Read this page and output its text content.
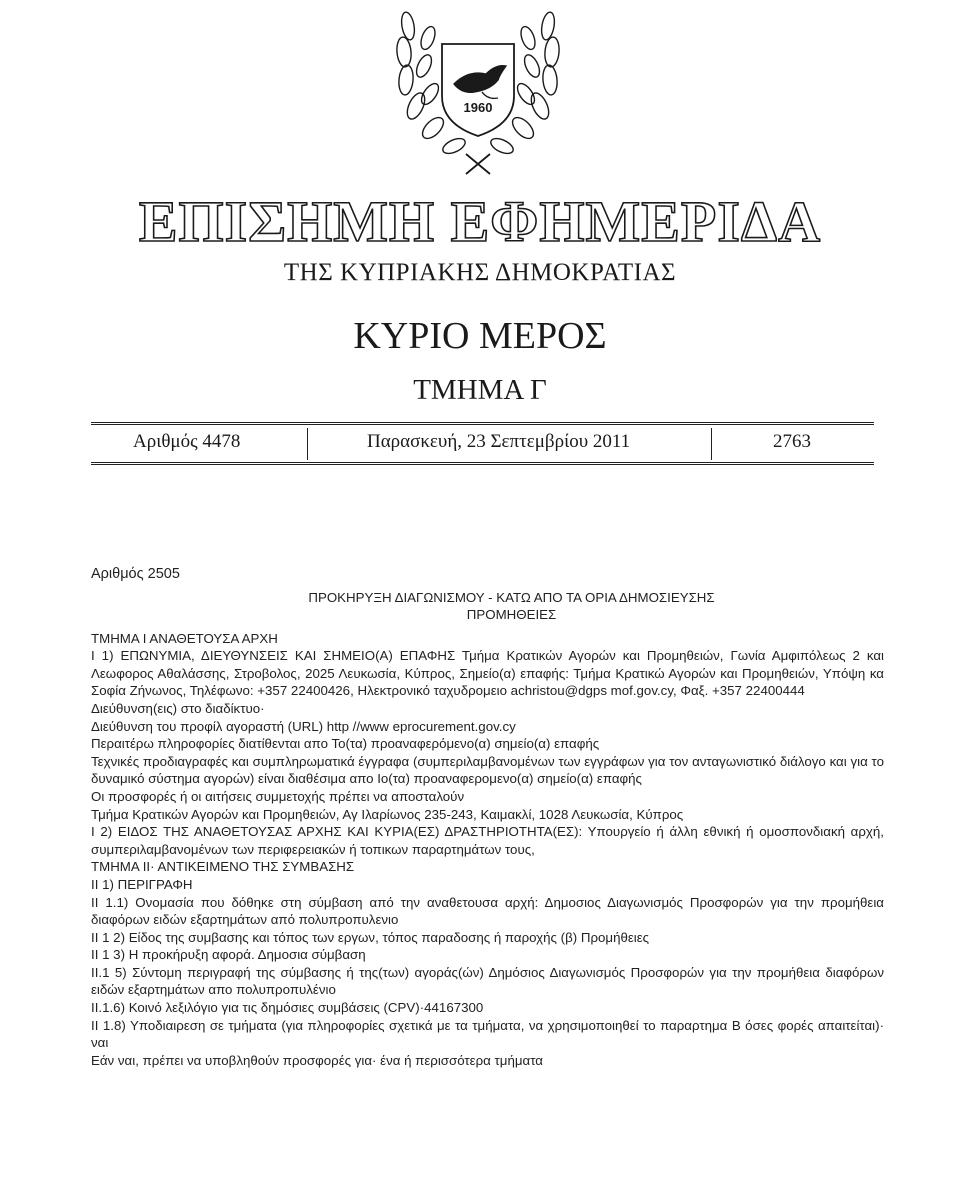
1960
ΕΠΙΣΗΜΗ ΕΦΗΜΕΡΙΔΑ
ΤΗΣ ΚΥΠΡΙΑΚΗΣ ΔΗΜΟΚΡΑΤΙΑΣ
ΚΥΡΙΟ ΜΕΡΟΣ
ΤΜΗΜΑ Γ
Αριθμός 4478	Παρασκευή, 23 Σεπτεμβρίου 2011	2763
Αριθμός 2505
ΠΡΟΚΗΡΥΞΗ ΔΙΑΓΩΝΙΣΜΟΥ - ΚΑΤΩ ΑΠΟ ΤΑ ΟΡΙΑ ΔΗΜΟΣΙΕΥΣΗΣ
ΠΡΟΜΗΘΕΙΕΣ

ΤΜΗΜΑ Ι ΑΝΑΘΕΤΟΥΣΑ ΑΡΧΗ

Ι 1) ΕΠΩΝΥΜΙΑ, ΔΙΕΥΘΥΝΣΕΙΣ ΚΑΙ ΣΗΜΕΙΟ(Α) ΕΠΑΦΗΣ Τμήμα Κρατικών Αγορών και Προμηθειών, Γωνία Αμφιπόλεως 2 και Λεωφορος Αθαλάσσης, Στροβολος, 2025 Λευκωσία, Κύπρος, Σημείο(α) επαφής: Τμήμα Κρατικώ Αγορών και Προμηθειών, Υπόψη κα Σοφία Ζήνωνος, Τηλέφωνο: +357 22400426, Ηλεκτρονικό ταχυδρομειο achristou@dgps mof.gov.cy, Φαξ. +357 22400444

Διεύθυνση(εις) στο διαδίκτυο·

Διεύθυνση του προφίλ αγοραστή (URL) http //www eprocurement.gov.cy

Περαιτέρω πληροφορίες διατίθενται απο Το(τα) προαναφερόμενο(α) σημείο(α) επαφής

Τεχνικές προδιαγραφές και συμπληρωματικά έγγραφα (συμπεριλαμβανομένων των εγγράφων για τον ανταγωνιστικό διάλογο και για το δυναμικό σύστημα αγορών) είναι διαθέσιμα απο Ιο(τα) προαναφερομενο(α) σημείο(α) επαφής

Οι προσφορές ή οι αιτήσεις συμμετοχής πρέπει να αποσταλούν

Τμήμα Κρατικών Αγορών και Προμηθειών, Αγ Ιλαρίωνος 235-243, Καιμακλί, 1028 Λευκωσία, Κύπρος

Ι 2) ΕΙΔΟΣ ΤΗΣ ΑΝΑΘΕΤΟΥΣΑΣ ΑΡΧΗΣ ΚΑΙ ΚΥΡΙΑ(ΕΣ) ΔΡΑΣΤΗΡΙΟΤΗΤΑ(ΕΣ): Υπουργείο ή άλλη εθνική ή ομοσπονδιακή αρχή, συμπεριλαμβανομένων των περιφερειακών ή τοπικων παραρτημάτων τους,

ΤΜΗΜΑ ΙΙ· ΑΝΤΙΚΕΙΜΕΝΟ ΤΗΣ ΣΥΜΒΑΣΗΣ

ΙΙ 1) ΠΕΡΙΓΡΑΦΗ

ΙΙ 1.1) Ονομασία που δόθηκε στη σύμβαση από την αναθετουσα αρχή: Δημοσιος Διαγωνισμός Προσφορών για την προμήθεια διαφόρων ειδών εξαρτημάτων από πολυπροπυλενιο

ΙΙ 1 2) Είδος της συμβασης και τόπος των εργων, τόπος παραδοσης ή παροχής (β) Προμήθειες

ΙΙ 1 3) Η προκήρυξη αφορά. Δημοσια σύμβαση

ΙΙ.1 5) Σύντομη περιγραφή της σύμβασης ή της(των) αγοράς(ών) Δημόσιος Διαγωνισμός Προσφορών για την προμήθεια διαφόρων ειδών εξαρτημάτων απο πολυπροπυλένιο

ΙΙ.1.6) Κοινό λεξιλόγιο για τις δημόσιες συμβάσεις (CPV)·44167300

ΙΙ 1.8) Υποδιαιρεση σε τμήματα (για πληροφορίες σχετικά με τα τμήματα, να χρησιμοποιηθεί το παραρτημα Β όσες φορές απαιτείται)· ναι

Εάν ναι, πρέπει να υποβληθούν προσφορές για· ένα ή περισσότερα τμήματα
